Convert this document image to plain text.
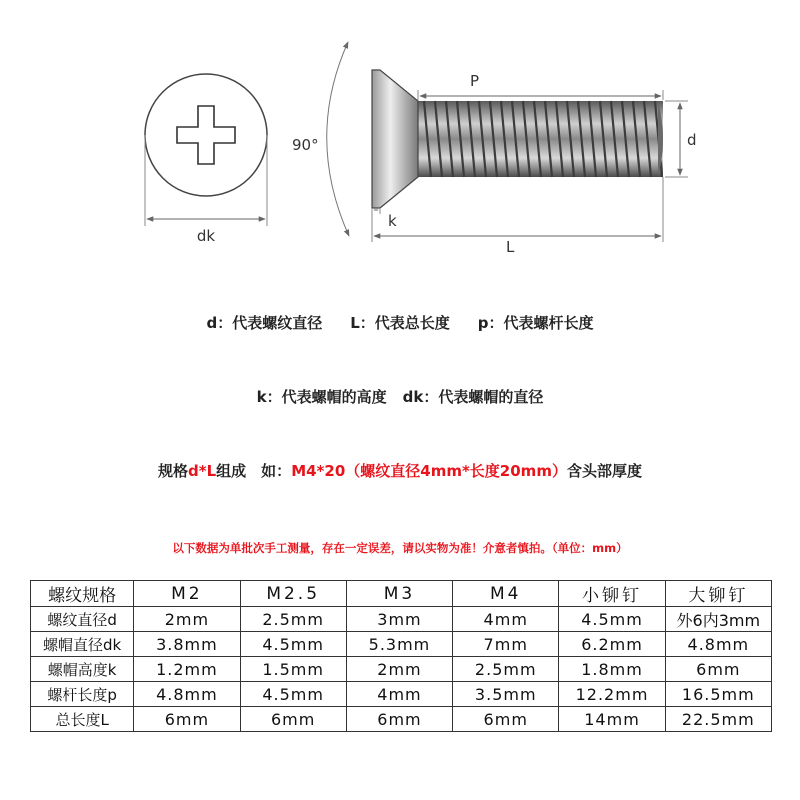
dk
90°
P
d
k
L
d：代表螺纹直径 L：代表总长度 p：代表螺杆长度
k：代表螺帽的高度 dk：代表螺帽的直径
规格d*L组成　如：M4*20（螺纹直径4mm*长度20mm）含头部厚度
以下数据为单批次手工测量，存在一定误差，请以实物为准！介意者慎拍。（单位：mm）
螺纹规格	M2	M2.5	M3	M4	小铆钉	大铆钉
螺纹直径d	2mm	2.5mm	3mm	4mm	4.5mm	外6内3mm
螺帽直径dk	3.8mm	4.5mm	5.3mm	7mm	6.2mm	4.8mm
螺帽高度k	1.2mm	1.5mm	2mm	2.5mm	1.8mm	6mm
螺杆长度p	4.8mm	4.5mm	4mm	3.5mm	12.2mm	16.5mm
总长度L	6mm	6mm	6mm	6mm	14mm	22.5mm
